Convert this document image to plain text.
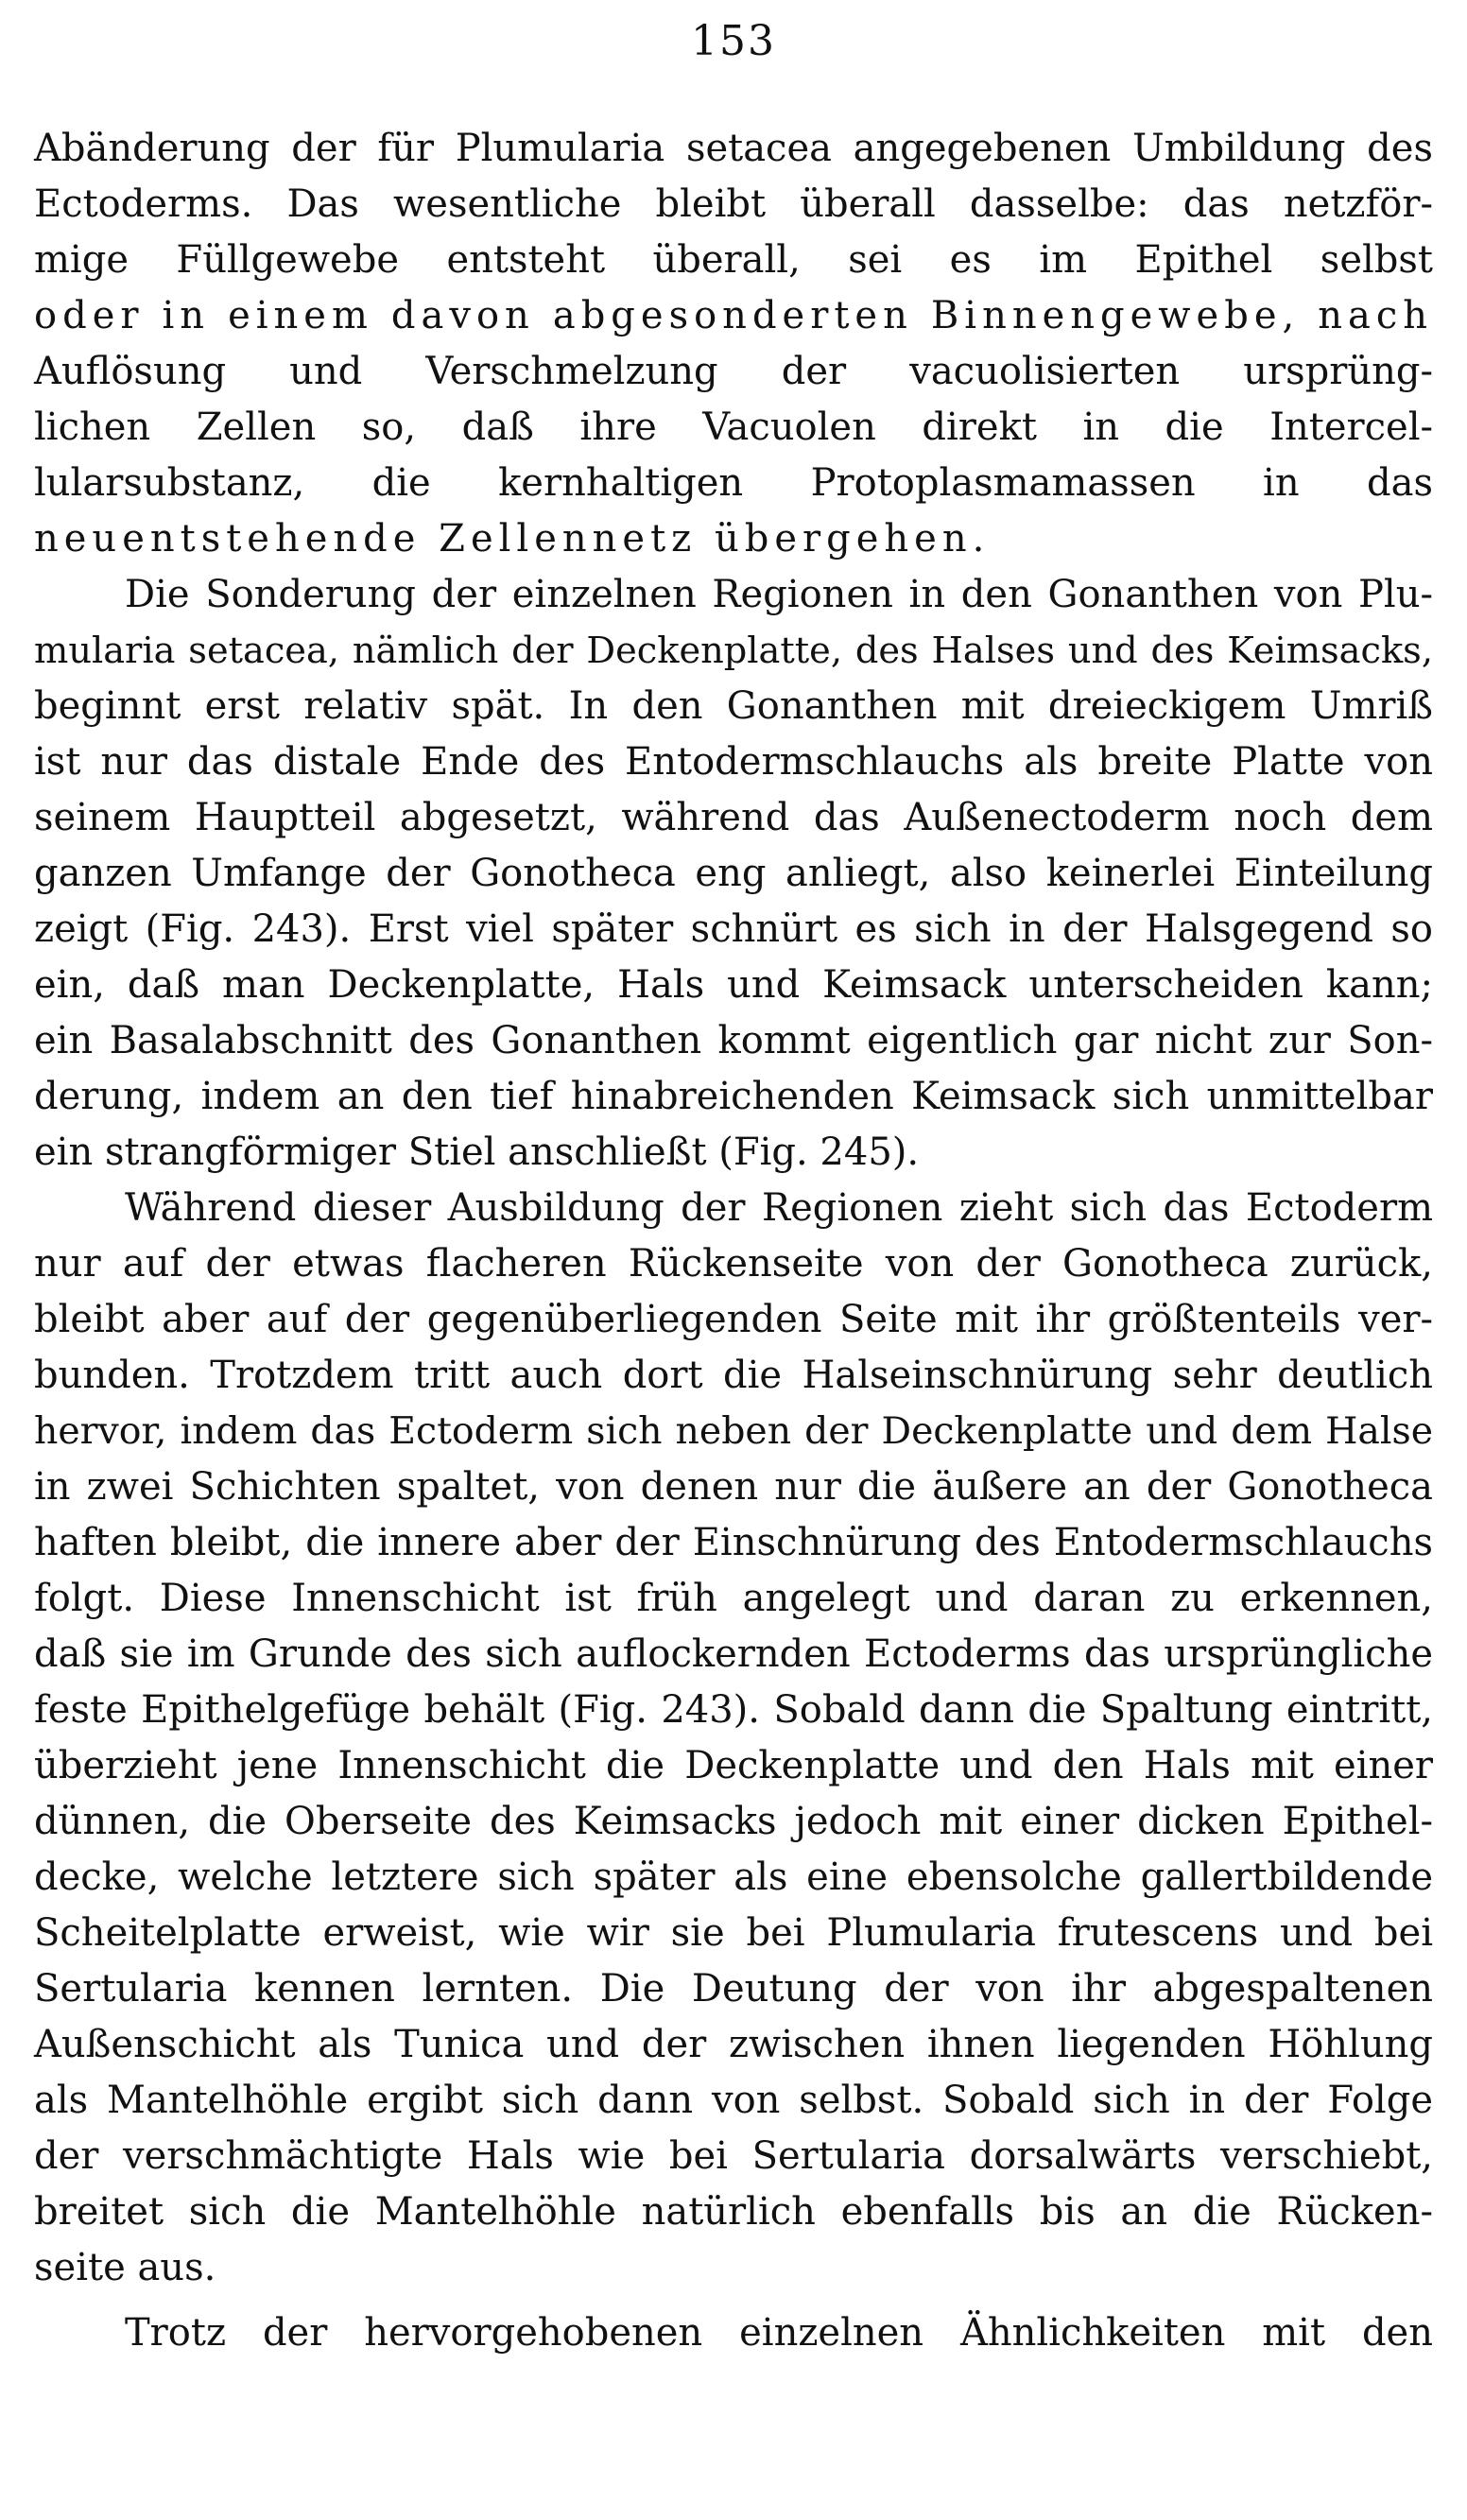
153
Abänderung der für Plumularia setacea angegebenen Umbildung des
Ectoderms. Das wesentliche bleibt überall dasselbe: das netzför-
mige Füllgewebe entsteht überall, sei es im Epithel selbst
oder in einem davon abgesonderten Binnengewebe, nach
Auflösung und Verschmelzung der vacuolisierten ursprüng-
lichen Zellen so, daß ihre Vacuolen direkt in die Intercel-
lularsubstanz, die kernhaltigen Protoplasmamassen in das
neuentstehende Zellennetz übergehen.
Die Sonderung der einzelnen Regionen in den Gonanthen von Plu-
mularia setacea, nämlich der Deckenplatte, des Halses und des Keimsacks,
beginnt erst relativ spät. In den Gonanthen mit dreieckigem Umriß
ist nur das distale Ende des Entodermschlauchs als breite Platte von
seinem Hauptteil abgesetzt, während das Außenectoderm noch dem
ganzen Umfange der Gonotheca eng anliegt, also keinerlei Einteilung
zeigt (Fig. 243). Erst viel später schnürt es sich in der Halsgegend so
ein, daß man Deckenplatte, Hals und Keimsack unterscheiden kann;
ein Basalabschnitt des Gonanthen kommt eigentlich gar nicht zur Son-
derung, indem an den tief hinabreichenden Keimsack sich unmittelbar
ein strangförmiger Stiel anschließt (Fig. 245).
Während dieser Ausbildung der Regionen zieht sich das Ectoderm
nur auf der etwas flacheren Rückenseite von der Gonotheca zurück,
bleibt aber auf der gegenüberliegenden Seite mit ihr größtenteils ver-
bunden. Trotzdem tritt auch dort die Halseinschnürung sehr deutlich
hervor, indem das Ectoderm sich neben der Deckenplatte und dem Halse
in zwei Schichten spaltet, von denen nur die äußere an der Gonotheca
haften bleibt, die innere aber der Einschnürung des Entodermschlauchs
folgt. Diese Innenschicht ist früh angelegt und daran zu erkennen,
daß sie im Grunde des sich auflockernden Ectoderms das ursprüngliche
feste Epithelgefüge behält (Fig. 243). Sobald dann die Spaltung eintritt,
überzieht jene Innenschicht die Deckenplatte und den Hals mit einer
dünnen, die Oberseite des Keimsacks jedoch mit einer dicken Epithel-
decke, welche letztere sich später als eine ebensolche gallertbildende
Scheitelplatte erweist, wie wir sie bei Plumularia frutescens und bei
Sertularia kennen lernten. Die Deutung der von ihr abgespaltenen
Außenschicht als Tunica und der zwischen ihnen liegenden Höhlung
als Mantelhöhle ergibt sich dann von selbst. Sobald sich in der Folge
der verschmächtigte Hals wie bei Sertularia dorsalwärts verschiebt,
breitet sich die Mantelhöhle natürlich ebenfalls bis an die Rücken-
seite aus.
Trotz der hervorgehobenen einzelnen Ähnlichkeiten mit den
